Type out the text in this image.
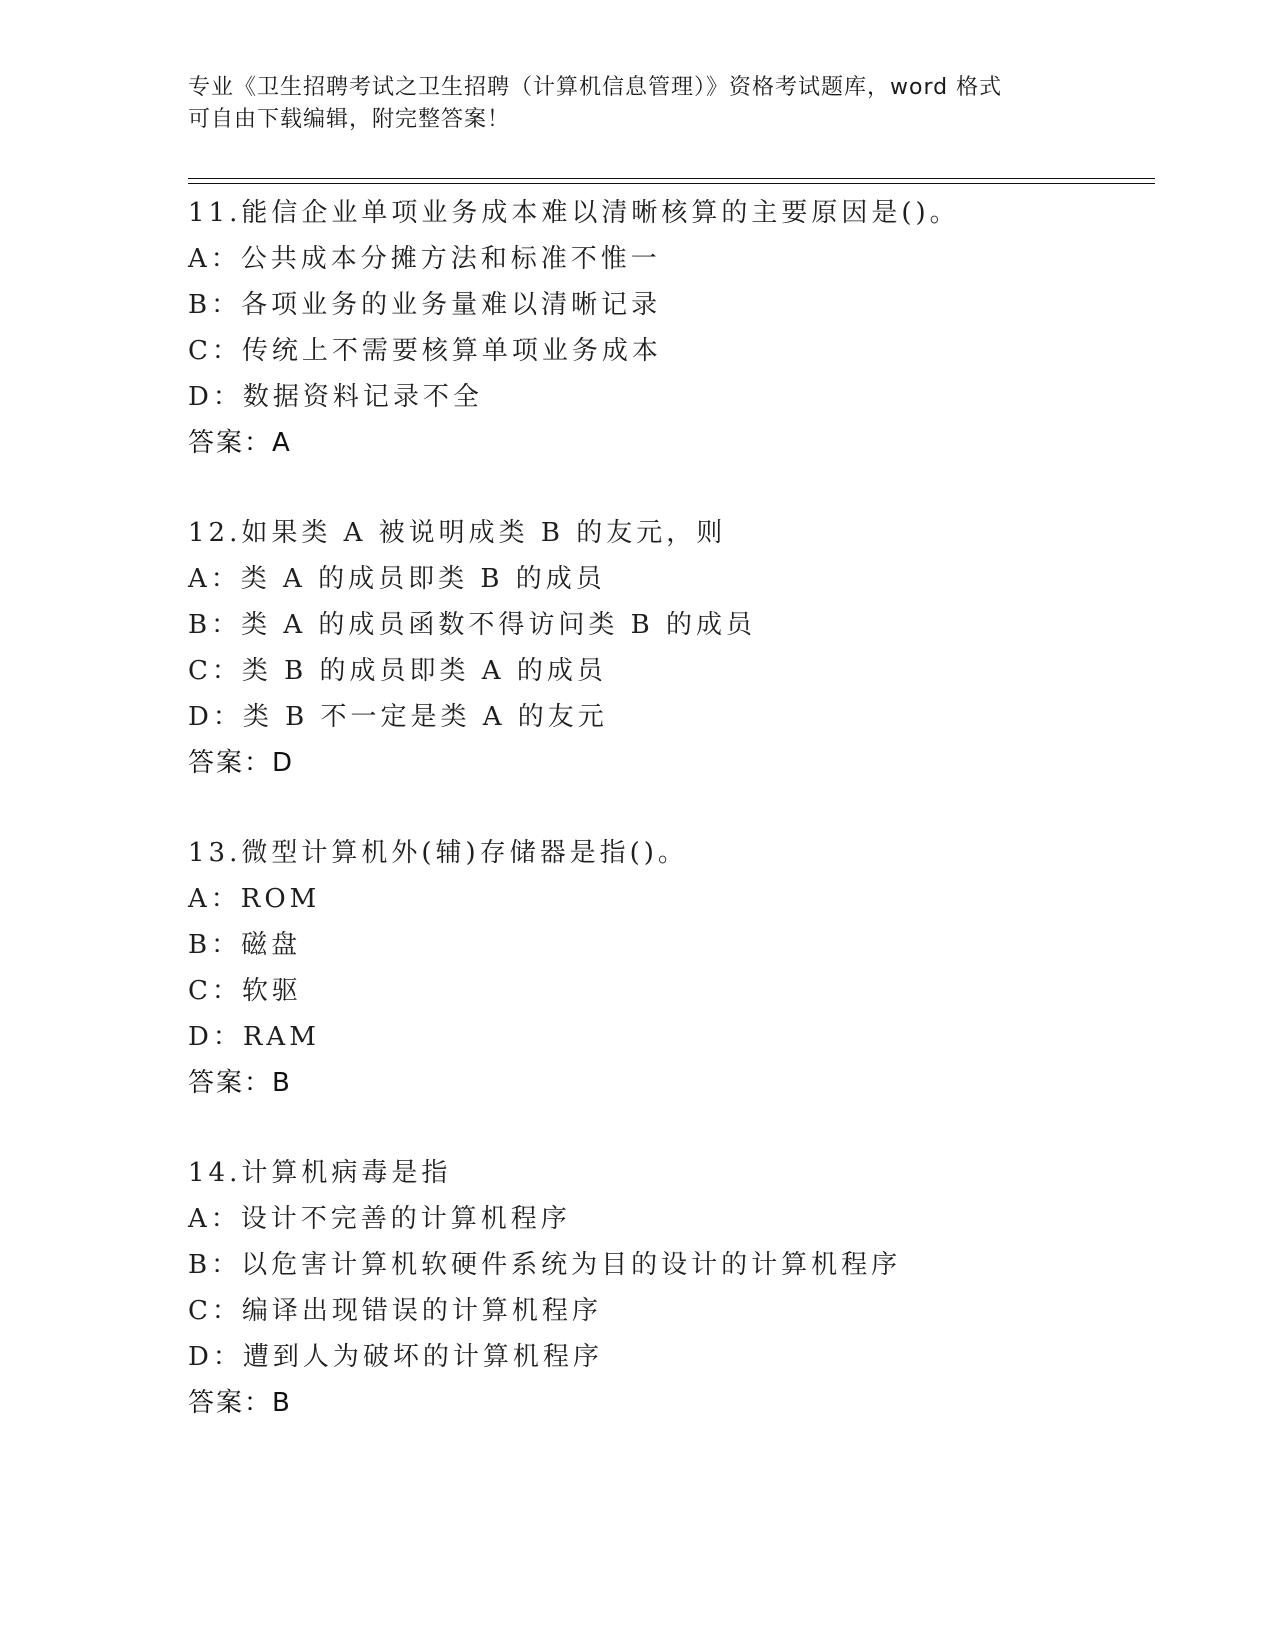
专业《卫生招聘考试之卫生招聘（计算机信息管理）》资格考试题库，word 格式
可自由下载编辑，附完整答案！
11.能信企业单项业务成本难以清晰核算的主要原因是()。
A：公共成本分摊方法和标准不惟一
B：各项业务的业务量难以清晰记录
C：传统上不需要核算单项业务成本
D：数据资料记录不全
答案：A
12.如果类 A 被说明成类 B 的友元，则
A：类 A 的成员即类 B 的成员
B：类 A 的成员函数不得访问类 B 的成员
C：类 B 的成员即类 A 的成员
D：类 B 不一定是类 A 的友元
答案：D
13.微型计算机外(辅)存储器是指()。
A：ROM
B：磁盘
C：软驱
D：RAM
答案：B
14.计算机病毒是指
A：设计不完善的计算机程序
B：以危害计算机软硬件系统为目的设计的计算机程序
C：编译出现错误的计算机程序
D：遭到人为破坏的计算机程序
答案：B
